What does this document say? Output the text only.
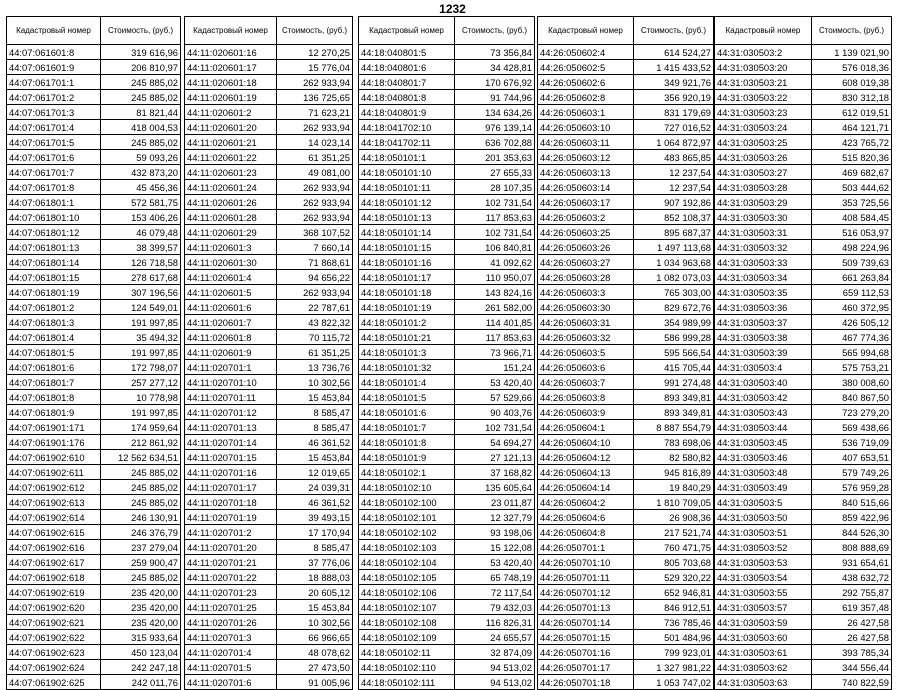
1232
Кадастровый номер	Стоимость, (руб.)
44:07:061601:8	319 616,96
44:07:061601:9	206 810,97
44:07:061701:1	245 885,02
44:07:061701:2	245 885,02
44:07:061701:3	81 821,44
44:07:061701:4	418 004,53
44:07:061701:5	245 885,02
44:07:061701:6	59 093,26
44:07:061701:7	432 873,20
44:07:061701:8	45 456,36
44:07:061801:1	572 581,75
44:07:061801:10	153 406,26
44:07:061801:12	46 079,48
44:07:061801:13	38 399,57
44:07:061801:14	126 718,58
44:07:061801:15	278 617,68
44:07:061801:19	307 196,56
44:07:061801:2	124 549,01
44:07:061801:3	191 997,85
44:07:061801:4	35 494,32
44:07:061801:5	191 997,85
44:07:061801:6	172 798,07
44:07:061801:7	257 277,12
44:07:061801:8	10 778,98
44:07:061801:9	191 997,85
44:07:061901:171	174 959,64
44:07:061901:176	212 861,92
44:07:061902:610	12 562 634,51
44:07:061902:611	245 885,02
44:07:061902:612	245 885,02
44:07:061902:613	245 885,02
44:07:061902:614	246 130,91
44:07:061902:615	246 376,79
44:07:061902:616	237 279,04
44:07:061902:617	259 900,47
44:07:061902:618	245 885,02
44:07:061902:619	235 420,00
44:07:061902:620	235 420,00
44:07:061902:621	235 420,00
44:07:061902:622	315 933,64
44:07:061902:623	450 123,04
44:07:061902:624	242 247,18
44:07:061902:625	242 011,76
Кадастровый номер	Стоимость, (руб.)
44:11:020601:16	12 270,25
44:11:020601:17	15 776,04
44:11:020601:18	262 933,94
44:11:020601:19	136 725,65
44:11:020601:2	71 623,21
44:11:020601:20	262 933,94
44:11:020601:21	14 023,14
44:11:020601:22	61 351,25
44:11:020601:23	49 081,00
44:11:020601:24	262 933,94
44:11:020601:26	262 933,94
44:11:020601:28	262 933,94
44:11:020601:29	368 107,52
44:11:020601:3	7 660,14
44:11:020601:30	71 868,61
44:11:020601:4	94 656,22
44:11:020601:5	262 933,94
44:11:020601:6	22 787,61
44:11:020601:7	43 822,32
44:11:020601:8	70 115,72
44:11:020601:9	61 351,25
44:11:020701:1	13 736,76
44:11:020701:10	10 302,56
44:11:020701:11	15 453,84
44:11:020701:12	8 585,47
44:11:020701:13	8 585,47
44:11:020701:14	46 361,52
44:11:020701:15	15 453,84
44:11:020701:16	12 019,65
44:11:020701:17	24 039,31
44:11:020701:18	46 361,52
44:11:020701:19	39 493,15
44:11:020701:2	17 170,94
44:11:020701:20	8 585,47
44:11:020701:21	37 776,06
44:11:020701:22	18 888,03
44:11:020701:23	20 605,12
44:11:020701:25	15 453,84
44:11:020701:26	10 302,56
44:11:020701:3	66 966,65
44:11:020701:4	48 078,62
44:11:020701:5	27 473,50
44:11:020701:6	91 005,96
Кадастровый номер	Стоимость, (руб.)
44:18:040801:5	73 356,84
44:18:040801:6	34 428,81
44:18:040801:7	170 676,92
44:18:040801:8	91 744,96
44:18:040801:9	134 634,26
44:18:041702:10	976 139,14
44:18:041702:11	636 702,88
44:18:050101:1	201 353,63
44:18:050101:10	27 655,33
44:18:050101:11	28 107,35
44:18:050101:12	102 731,54
44:18:050101:13	117 853,63
44:18:050101:14	102 731,54
44:18:050101:15	106 840,81
44:18:050101:16	41 092,62
44:18:050101:17	110 950,07
44:18:050101:18	143 824,16
44:18:050101:19	261 582,00
44:18:050101:2	114 401,85
44:18:050101:21	117 853,63
44:18:050101:3	73 966,71
44:18:050101:32	151,24
44:18:050101:4	53 420,40
44:18:050101:5	57 529,66
44:18:050101:6	90 403,76
44:18:050101:7	102 731,54
44:18:050101:8	54 694,27
44:18:050101:9	27 121,13
44:18:050102:1	37 168,82
44:18:050102:10	135 605,64
44:18:050102:100	23 011,87
44:18:050102:101	12 327,79
44:18:050102:102	93 198,06
44:18:050102:103	15 122,08
44:18:050102:104	53 420,40
44:18:050102:105	65 748,19
44:18:050102:106	72 117,54
44:18:050102:107	79 432,03
44:18:050102:108	116 826,31
44:18:050102:109	24 655,57
44:18:050102:11	32 874,09
44:18:050102:110	94 513,02
44:18:050102:111	94 513,02
Кадастровый номер	Стоимость, (руб.)
44:26:050602:4	614 524,27
44:26:050602:5	1 415 433,52
44:26:050602:6	349 921,76
44:26:050602:8	356 920,19
44:26:050603:1	831 179,69
44:26:050603:10	727 016,52
44:26:050603:11	1 064 872,97
44:26:050603:12	483 865,85
44:26:050603:13	12 237,54
44:26:050603:14	12 237,54
44:26:050603:17	907 192,86
44:26:050603:2	852 108,37
44:26:050603:25	895 687,37
44:26:050603:26	1 497 113,68
44:26:050603:27	1 034 963,68
44:26:050603:28	1 082 073,03
44:26:050603:3	765 303,00
44:26:050603:30	829 672,76
44:26:050603:31	354 989,99
44:26:050603:32	586 999,28
44:26:050603:5	595 566,54
44:26:050603:6	415 705,44
44:26:050603:7	991 274,48
44:26:050603:8	893 349,81
44:26:050603:9	893 349,81
44:26:050604:1	8 887 554,79
44:26:050604:10	783 698,06
44:26:050604:12	82 580,82
44:26:050604:13	945 816,89
44:26:050604:14	19 840,29
44:26:050604:2	1 810 709,05
44:26:050604:6	26 908,36
44:26:050604:8	217 521,74
44:26:050701:1	760 471,75
44:26:050701:10	805 703,68
44:26:050701:11	529 320,22
44:26:050701:12	652 946,81
44:26:050701:13	846 912,51
44:26:050701:14	736 785,46
44:26:050701:15	501 484,96
44:26:050701:16	799 923,01
44:26:050701:17	1 327 981,22
44:26:050701:18	1 053 747,02
Кадастровый номер	Стоимость, (руб.)
44:31:030503:2	1 139 021,90
44:31:030503:20	576 018,36
44:31:030503:21	608 019,38
44:31:030503:22	830 312,18
44:31:030503:23	612 019,51
44:31:030503:24	464 121,71
44:31:030503:25	423 765,72
44:31:030503:26	515 820,36
44:31:030503:27	469 682,67
44:31:030503:28	503 444,62
44:31:030503:29	353 725,56
44:31:030503:30	408 584,45
44:31:030503:31	516 053,97
44:31:030503:32	498 224,96
44:31:030503:33	509 739,63
44:31:030503:34	661 263,84
44:31:030503:35	659 112,53
44:31:030503:36	460 372,95
44:31:030503:37	426 505,12
44:31:030503:38	467 774,36
44:31:030503:39	565 994,68
44:31:030503:4	575 753,21
44:31:030503:40	380 008,60
44:31:030503:42	840 867,50
44:31:030503:43	723 279,20
44:31:030503:44	569 438,66
44:31:030503:45	536 719,09
44:31:030503:46	407 653,51
44:31:030503:48	579 749,26
44:31:030503:49	576 959,28
44:31:030503:5	840 515,66
44:31:030503:50	859 422,96
44:31:030503:51	844 526,30
44:31:030503:52	808 888,69
44:31:030503:53	931 654,61
44:31:030503:54	438 632,72
44:31:030503:55	292 755,87
44:31:030503:57	619 357,48
44:31:030503:59	26 427,58
44:31:030503:60	26 427,58
44:31:030503:61	393 785,34
44:31:030503:62	344 556,44
44:31:030503:63	740 822,59
